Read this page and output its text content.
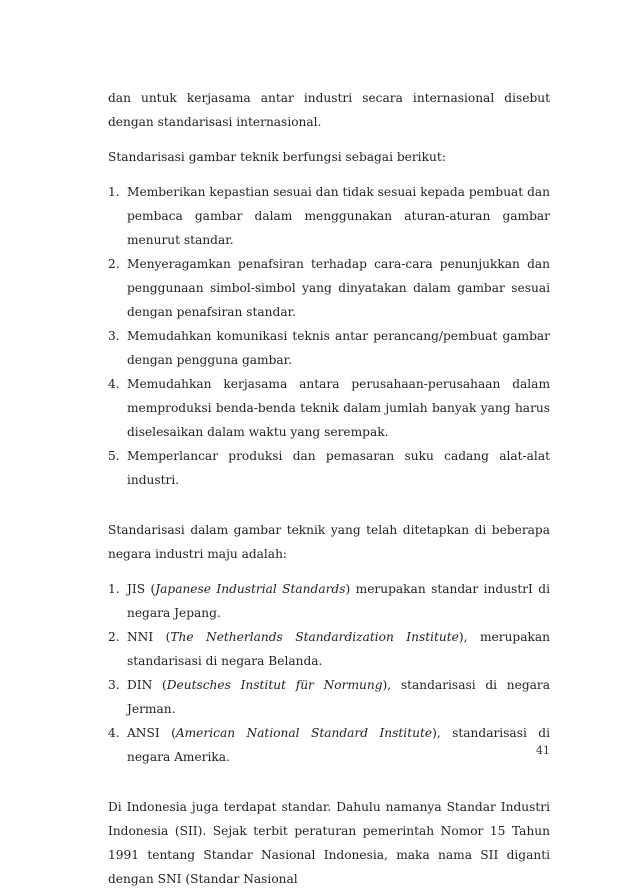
dan untuk kerjasama antar industri secara internasional disebut dengan standarisasi internasional.

Standarisasi gambar teknik berfungsi sebagai berikut:

1. Memberikan kepastian sesuai dan tidak sesuai kepada pembuat dan pembaca gambar dalam menggunakan aturan-aturan gambar menurut standar.
2. Menyeragamkan penafsiran terhadap cara-cara penunjukkan dan penggunaan simbol-simbol yang dinyatakan dalam gambar sesuai dengan penafsiran standar.
3. Memudahkan komunikasi teknis antar perancang/pembuat gambar dengan pengguna gambar.
4. Memudahkan kerjasama antara perusahaan-perusahaan dalam memproduksi benda-benda teknik dalam jumlah banyak yang harus diselesaikan dalam waktu yang serempak.
5. Memperlancar produksi dan pemasaran suku cadang alat-alat industri.

Standarisasi dalam gambar teknik yang telah ditetapkan di beberapa negara industri maju adalah:

1. JIS (Japanese Industrial Standards) merupakan standar industrI di negara Jepang.
2. NNI (The Netherlands Standardization Institute), merupakan standarisasi di negara Belanda.
3. DIN (Deutsches Institut für Normung), standarisasi di negara Jerman.
4. ANSI (American National Standard Institute), standarisasi di negara Amerika.

Di Indonesia juga terdapat standar. Dahulu namanya Standar Industri Indonesia (SII). Sejak terbit peraturan pemerintah Nomor 15 Tahun 1991 tentang Standar Nasional Indonesia, maka nama SII diganti dengan SNI (Standar Nasional

41
